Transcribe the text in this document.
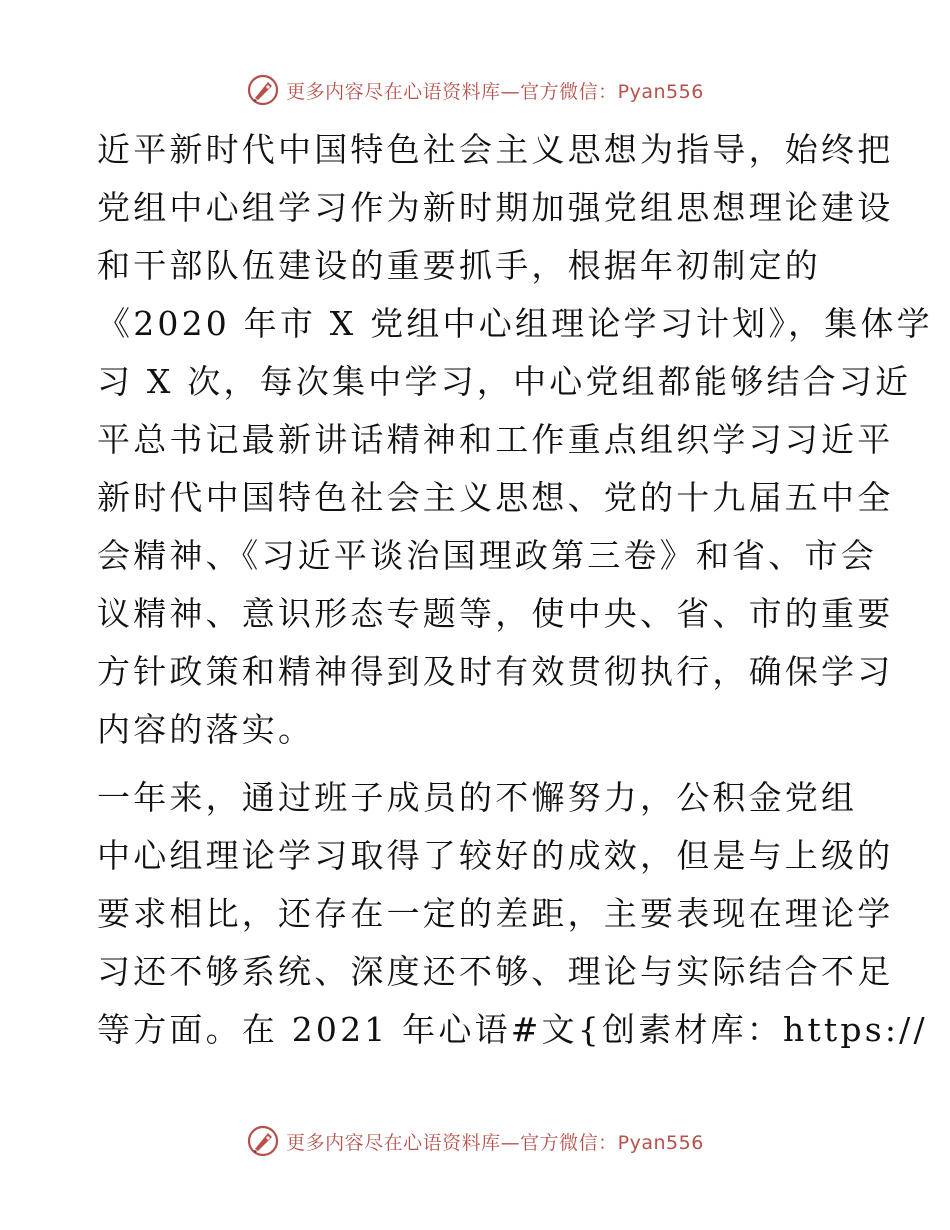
更多内容尽在心语资料库—官方微信：Pyan556
近平新时代中国特色社会主义思想为指导，始终把
党组中心组学习作为新时期加强党组思想理论建设
和干部队伍建设的重要抓手，根据年初制定的
《2020 年市 X 党组中心组理论学习计划》，集体学
习 X 次，每次集中学习，中心党组都能够结合习近
平总书记最新讲话精神和工作重点组织学习习近平
新时代中国特色社会主义思想、党的十九届五中全
会精神、《习近平谈治国理政第三卷》和省、市会
议精神、意识形态专题等，使中央、省、市的重要
方针政策和精神得到及时有效贯彻执行，确保学习
内容的落实。
一年来，通过班子成员的不懈努力，公积金党组
中心组理论学习取得了较好的成效，但是与上级的
要求相比，还存在一定的差距，主要表现在理论学
习还不够系统、深度还不够、理论与实际结合不足
等方面。在 2021 年心语#文{创素材库：https://
更多内容尽在心语资料库—官方微信：Pyan556
